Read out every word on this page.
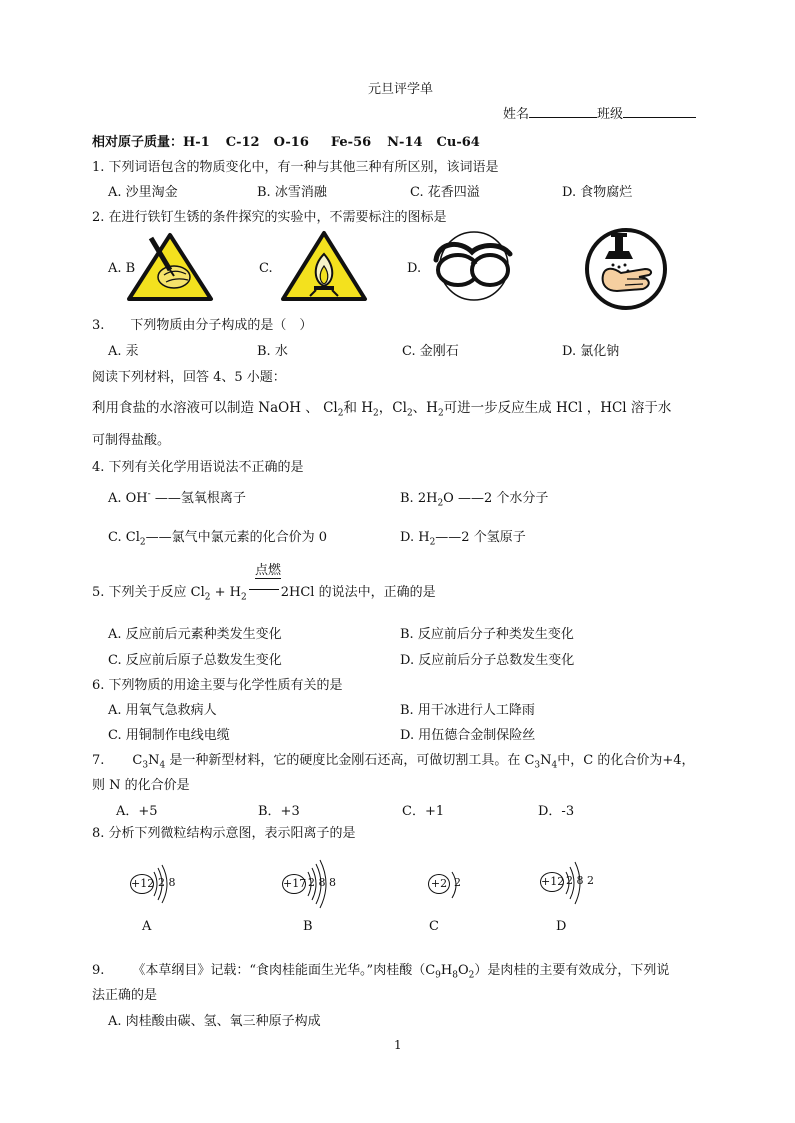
元旦评学单
姓名	班级
相对原子质量：H-1 C-12 O-16 Fe-56 N-14 Cu-64
1. 下列词语包含的物质变化中，有一种与其他三种有所区别，该词语是
A. 沙里淘金	B. 冰雪消融	C. 花香四溢	D. 食物腐烂
2. 在进行铁钉生锈的条件探究的实验中，不需要标注的图标是
A. B	C.	D.
3. 下列物质由分子构成的是（　）
A. 汞	B. 水	C. 金刚石	D. 氯化钠
阅读下列材料，回答 4、5 小题：
利用食盐的水溶液可以制造 NaOH 、 $Cl_2$和 $H_2$，$Cl_2$、$H_2$可进一步反应生成 HCl ，HCl 溶于水
可制得盐酸。
4. 下列有关化学用语说法不正确的是
A. OH- ——氢氧根离子	B. $2H_2O$ ——2 个水分子
C. $Cl_2——$氯气中氯元素的化合价为 0	D. $H_2——2$ 个氢原子
点燃
5. 下列关于反应 $Cl_2 + H_2$	2HCl 的说法中，正确的是
A. 反应前后元素种类发生变化	B. 反应前后分子种类发生变化
C. 反应前后原子总数发生变化	D. 反应前后分子总数发生变化
6. 下列物质的用途主要与化学性质有关的是
A. 用氧气急救病人	B. 用干冰进行人工降雨
C. 用铜制作电线电缆	D. 用伍德合金制保险丝
7. $C_3N_4$ 是一种新型材料，它的硬度比金刚石还高，可做切割工具。在 $C_3N_4$中，C 的化合价为+4，
则 N 的化合价是
A．+5	B．+3	C．+1	D．-3
8. 分析下列微粒结构示意图，表示阳离子的是
+12 2 8
A
+17 2 8 8
B
+2 2
C
+12 2 8 2
D
9. 《本草纲目》记载：“食肉桂能面生光华。”肉桂酸$(C_9H_8O_2)$是肉桂的主要有效成分，下列说
法正确的是
A. 肉桂酸由碳、氢、氧三种原子构成
1
